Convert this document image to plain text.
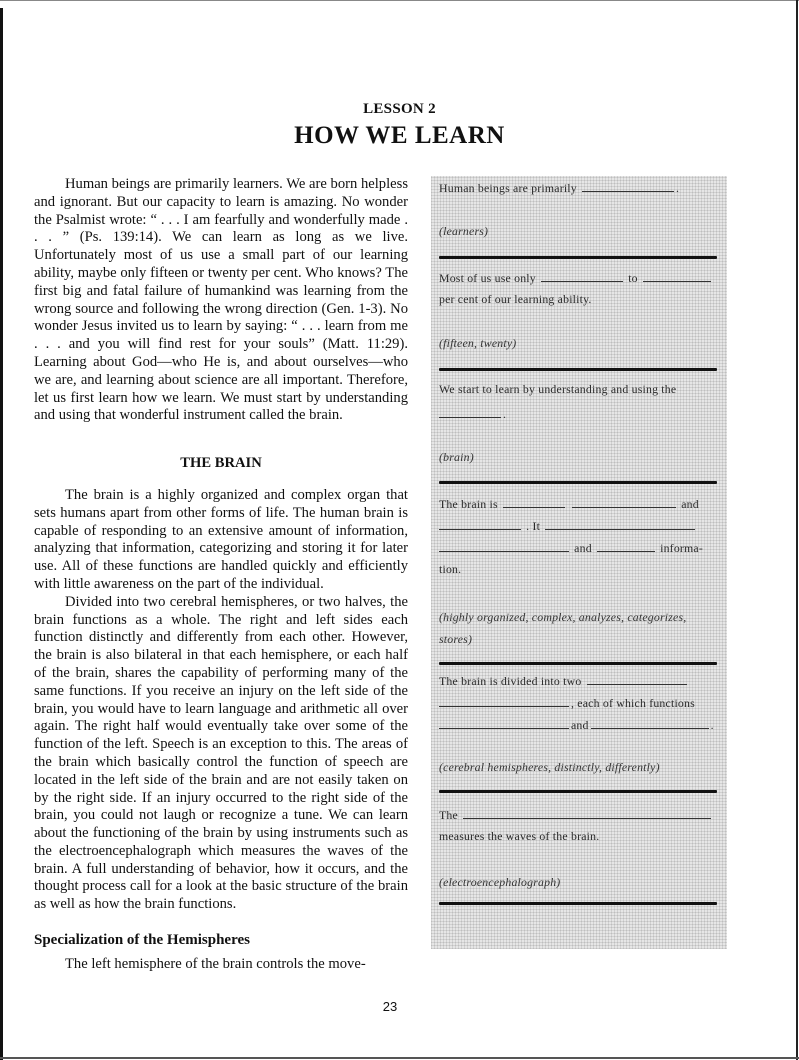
LESSON 2
HOW WE LEARN

Human beings are primarily learners. We are born helpless and ignorant. But our capacity to learn is amazing. No wonder the Psalmist wrote: “ . . . I am fearfully and wonderfully made . . . ” (Ps. 139:14). We can learn as long as we live. Unfortunately most of us use a small part of our learning ability, maybe only fifteen or twenty per cent. Who knows? The first big and fatal failure of humankind was learning from the wrong source and following the wrong direction (Gen. 1-3). No wonder Jesus invited us to learn by saying: “ . . . learn from me . . . and you will find rest for your souls” (Matt. 11:29). Learning about God—who He is, and about ourselves—who we are, and learning about science are all important. Therefore, let us first learn how we learn. We must start by understanding and using that wonderful instrument called the brain.

THE BRAIN

The brain is a highly organized and complex organ that sets humans apart from other forms of life. The human brain is capable of responding to an extensive amount of information, analyzing that information, categorizing and storing it for later use. All of these functions are handled quickly and efficiently with little awareness on the part of the individual.

Divided into two cerebral hemispheres, or two halves, the brain functions as a whole. The right and left sides each function distinctly and differently from each other. However, the brain is also bilateral in that each hemisphere, or each half of the brain, shares the capability of performing many of the same functions. If you receive an injury on the left side of the brain, you would have to learn language and arithmetic all over again. The right half would eventually take over some of the function of the left. Speech is an exception to this. The areas of the brain which basically control the function of speech are located in the left side of the brain and are not easily taken on by the right side. If an injury occurred to the right side of the brain, you could not laugh or recognize a tune. We can learn about the functioning of the brain by using instruments such as the electroencephalograph which measures the waves of the brain. A full understanding of behavior, how it occurs, and the thought process call for a look at the basic structure of the brain as well as how the brain functions.

Specialization of the Hemispheres

The left hemisphere of the brain controls the move-

Human beings are primarily	.
(learners)
Most of us use only	to
per cent of our learning ability.
(fifteen, twenty)
We start to learn by understanding and using the
.
(brain)
The brain is	and
. It
and	informa-
tion.
(highly organized, complex, analyzes, categorizes,
stores)
The brain is divided into two
, each of which functions
and	.
(cerebral hemispheres, distinctly, differently)
The
measures the waves of the brain.
(electroencephalograph)
23
